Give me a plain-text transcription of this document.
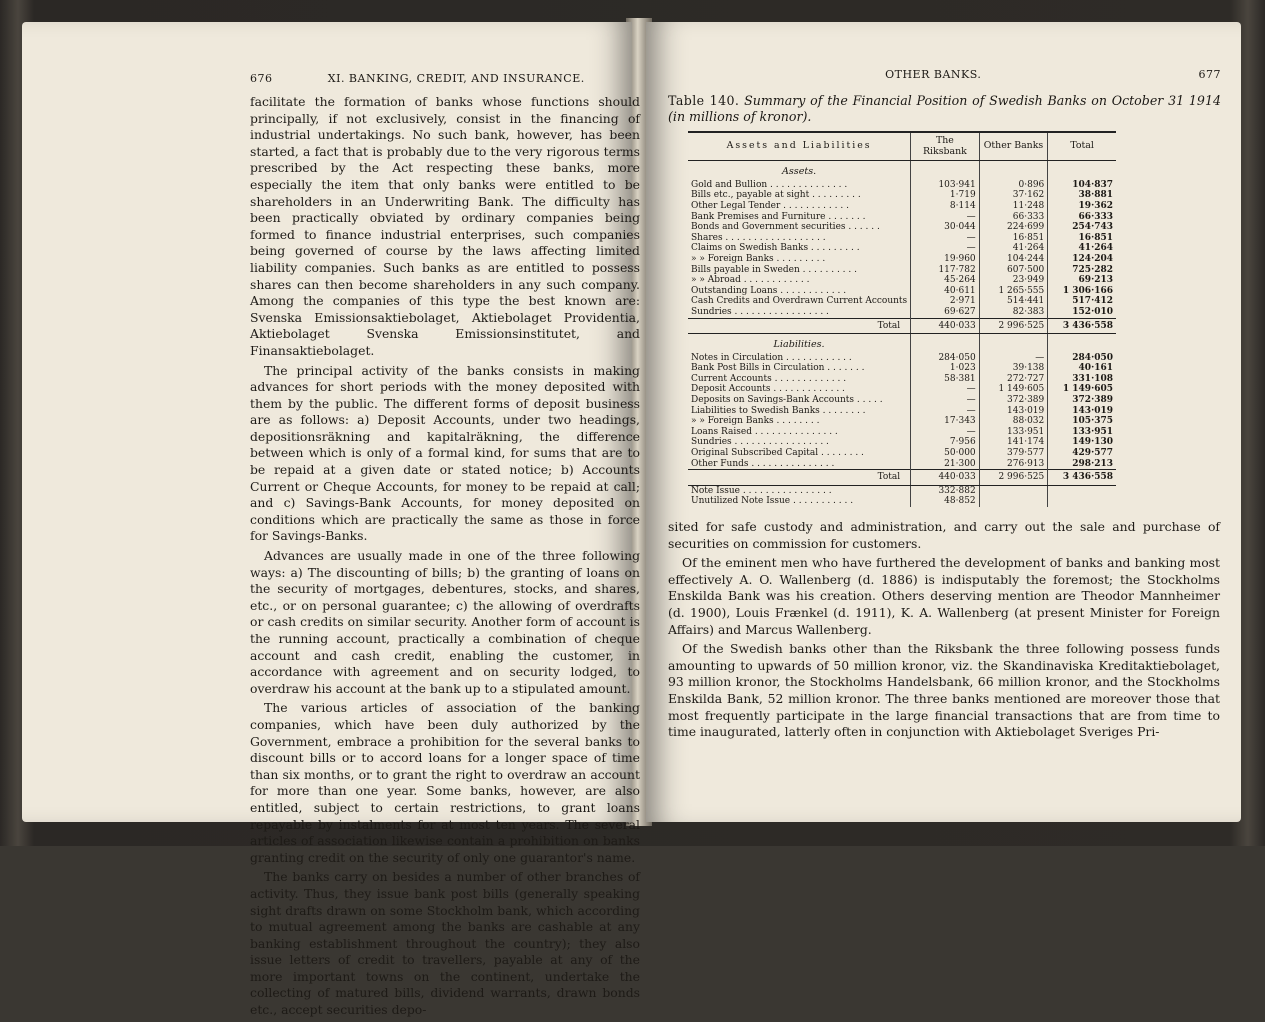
676	XI. BANKING, CREDIT, AND INSURANCE.

facilitate the formation of banks whose functions should principally, if not exclusively, consist in the financing of industrial undertakings. No such bank, however, has been started, a fact that is probably due to the very rigorous terms prescribed by the Act respecting these banks, more especially the item that only banks were entitled to be shareholders in an Underwriting Bank. The difficulty has been practically obviated by ordinary companies being formed to finance industrial enterprises, such companies being governed of course by the laws affecting limited liability companies. Such banks as are entitled to possess shares can then become shareholders in any such company. Among the companies of this type the best known are: Svenska Emissionsaktiebolaget, Aktiebolaget Providentia, Aktiebolaget Svenska Emissionsinstitutet, and Finansaktiebolaget.

The principal activity of the banks consists in making advances for short periods with the money deposited with them by the public. The different forms of deposit business are as follows: a) Deposit Accounts, under two headings, depositionsräkning and kapitalräkning, the difference between which is only of a formal kind, for sums that are to be repaid at a given date or stated notice; b) Accounts Current or Cheque Accounts, for money to be repaid at call; and c) Savings-Bank Accounts, for money deposited on conditions which are practically the same as those in force for Savings-Banks.

Advances are usually made in one of the three following ways: a) The discounting of bills; b) the granting of loans on the security of mortgages, debentures, stocks, and shares, etc., or on personal guarantee; c) the allowing of overdrafts or cash credits on similar security. Another form of account is the running account, practically a combination of cheque account and cash credit, enabling the customer, in accordance with agreement and on security lodged, to overdraw his account at the bank up to a stipulated amount.

The various articles of association of the banking companies, which have been duly authorized by the Government, embrace a prohibition for the several banks to discount bills or to accord loans for a longer space of time than six months, or to grant the right to overdraw an account for more than one year. Some banks, however, are also entitled, subject to certain restrictions, to grant loans repayable by instalments for at most ten years. The several articles of association likewise contain a prohibition on banks granting credit on the security of only one guarantor's name.

The banks carry on besides a number of other branches of activity. Thus, they issue bank post bills (generally speaking sight drafts drawn on some Stockholm bank, which according to mutual agreement among the banks are cashable at any banking establishment throughout the country); they also issue letters of credit to travellers, payable at any of the more important towns on the continent, undertake the collecting of matured bills, dividend warrants, drawn bonds etc., accept securities depo-

OTHER BANKS.	677

Table 140. Summary of the Financial Position of Swedish Banks on October 31 1914 (in millions of kronor).

Assets and Liabilities	The Riksbank	Other Banks	Total
Assets.			
Gold and Bullion . . . . . . . . . . . . . .	103·941	0·896	104·837
Bills etc., payable at sight . . . . . . . . .	1·719	37·162	38·881
Other Legal Tender . . . . . . . . . . . .	8·114	11·248	19·362
Bank Premises and Furniture . . . . . . .	—	66·333	66·333
Bonds and Government securities . . . . . .	30·044	224·699	254·743
Shares . . . . . . . . . . . . . . . . . .	—	16·851	16·851
Claims on Swedish Banks . . . . . . . . .	—	41·264	41·264
» » Foreign Banks . . . . . . . . .	19·960	104·244	124·204
Bills payable in Sweden . . . . . . . . . .	117·782	607·500	725·282
» » Abroad . . . . . . . . . . . .	45·264	23·949	69·213
Outstanding Loans . . . . . . . . . . . .	40·611	1 265·555	1 306·166
Cash Credits and Overdrawn Current Accounts	2·971	514·441	517·412
Sundries . . . . . . . . . . . . . . . . .	69·627	82·383	152·010
Total	440·033	2 996·525	3 436·558
Liabilities.			
Notes in Circulation . . . . . . . . . . . .	284·050	—	284·050
Bank Post Bills in Circulation . . . . . . .	1·023	39·138	40·161
Current Accounts . . . . . . . . . . . . .	58·381	272·727	331·108
Deposit Accounts . . . . . . . . . . . . .	—	1 149·605	1 149·605
Deposits on Savings-Bank Accounts . . . . .	—	372·389	372·389
Liabilities to Swedish Banks . . . . . . . .	—	143·019	143·019
» » Foreign Banks . . . . . . . .	17·343	88·032	105·375
Loans Raised . . . . . . . . . . . . . . .	—	133·951	133·951
Sundries . . . . . . . . . . . . . . . . .	7·956	141·174	149·130
Original Subscribed Capital . . . . . . . .	50·000	379·577	429·577
Other Funds . . . . . . . . . . . . . . .	21·300	276·913	298·213
Total	440·033	2 996·525	3 436·558
Note Issue . . . . . . . . . . . . . . . .	332·882		
Unutilized Note Issue . . . . . . . . . . .	48·852		

sited for safe custody and administration, and carry out the sale and purchase of securities on commission for customers.

Of the eminent men who have furthered the development of banks and banking most effectively A. O. Wallenberg (d. 1886) is indisputably the foremost; the Stockholms Enskilda Bank was his creation. Others deserving mention are Theodor Mannheimer (d. 1900), Louis Frænkel (d. 1911), K. A. Wallenberg (at present Minister for Foreign Affairs) and Marcus Wallenberg.

Of the Swedish banks other than the Riksbank the three following possess funds amounting to upwards of 50 million kronor, viz. the Skandinaviska Kreditaktiebolaget, 93 million kronor, the Stockholms Handelsbank, 66 million kronor, and the Stockholms Enskilda Bank, 52 million kronor. The three banks mentioned are moreover those that most frequently participate in the large financial transactions that are from time to time inaugurated, latterly often in conjunction with Aktiebolaget Sveriges Pri-
